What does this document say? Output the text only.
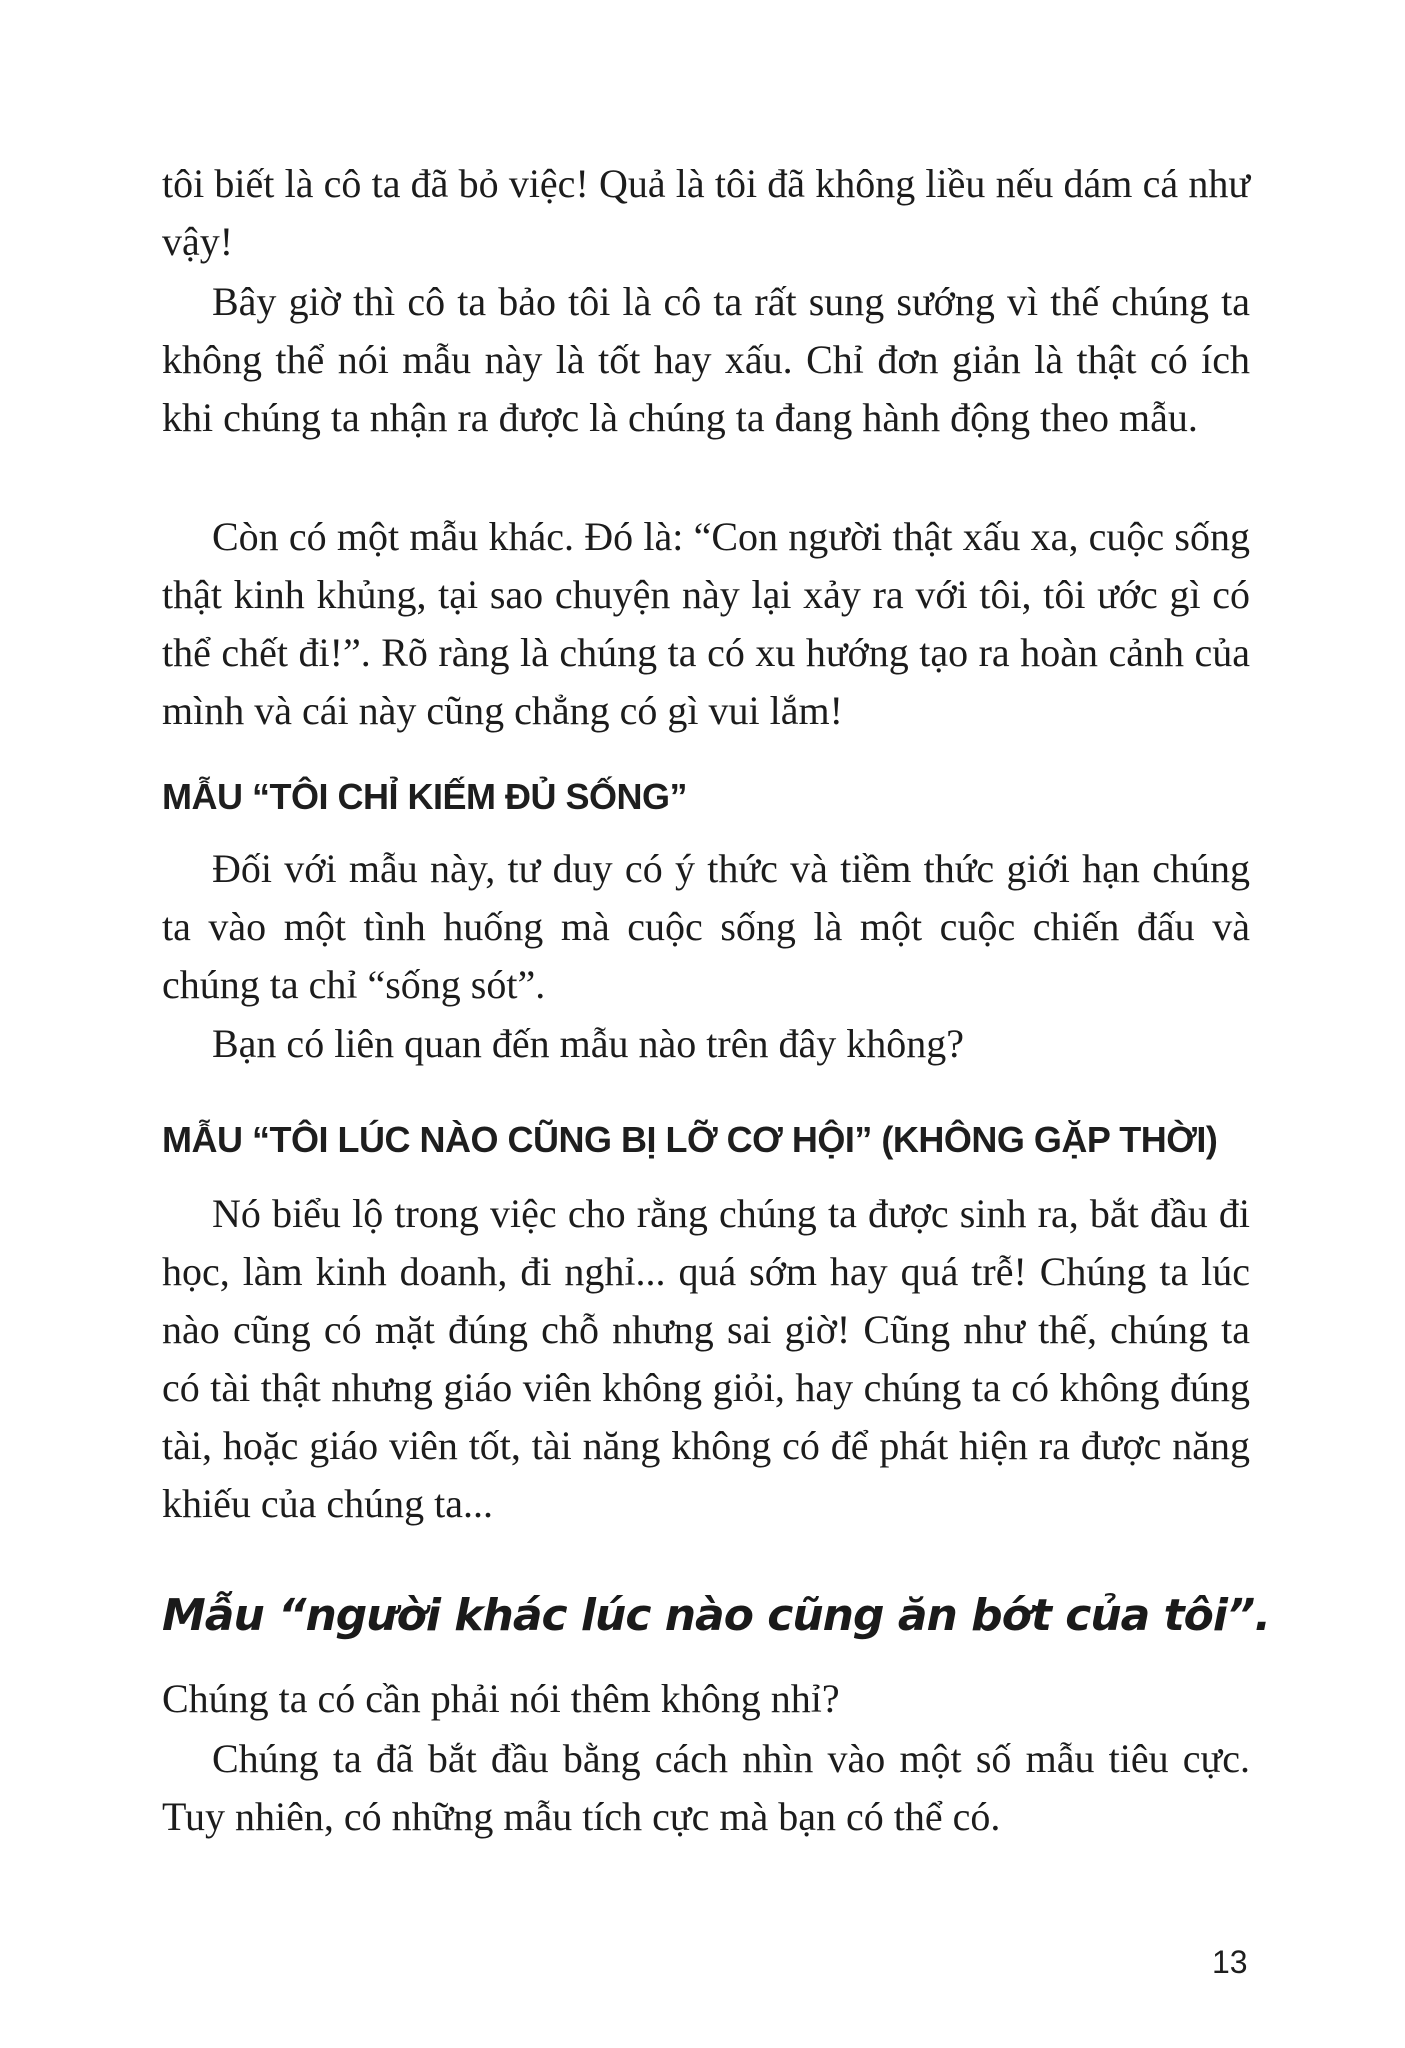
tôi biết là cô ta đã bỏ việc! Quả là tôi đã không liều nếu dám cá như vậy!

Bây giờ thì cô ta bảo tôi là cô ta rất sung sướng vì thế chúng ta không thể nói mẫu này là tốt hay xấu. Chỉ đơn giản là thật có ích khi chúng ta nhận ra được là chúng ta đang hành động theo mẫu.

Còn có một mẫu khác. Đó là: “Con người thật xấu xa, cuộc sống thật kinh khủng, tại sao chuyện này lại xảy ra với tôi, tôi ước gì có thể chết đi!”. Rõ ràng là chúng ta có xu hướng tạo ra hoàn cảnh của mình và cái này cũng chẳng có gì vui lắm!

MẪU “TÔI CHỈ KIẾM ĐỦ SỐNG”

Đối với mẫu này, tư duy có ý thức và tiềm thức giới hạn chúng ta vào một tình huống mà cuộc sống là một cuộc chiến đấu và chúng ta chỉ “sống sót”.

Bạn có liên quan đến mẫu nào trên đây không?

MẪU “TÔI LÚC NÀO CŨNG BỊ LỠ CƠ HỘI” (KHÔNG GẶP THỜI)

Nó biểu lộ trong việc cho rằng chúng ta được sinh ra, bắt đầu đi học, làm kinh doanh, đi nghỉ... quá sớm hay quá trễ! Chúng ta lúc nào cũng có mặt đúng chỗ nhưng sai giờ! Cũng như thế, chúng ta có tài thật nhưng giáo viên không giỏi, hay chúng ta có không đúng tài, hoặc giáo viên tốt, tài năng không có để phát hiện ra được năng khiếu của chúng ta...

Mẫu “người khác lúc nào cũng ăn bớt của tôi”.

Chúng ta có cần phải nói thêm không nhỉ?

Chúng ta đã bắt đầu bằng cách nhìn vào một số mẫu tiêu cực. Tuy nhiên, có những mẫu tích cực mà bạn có thể có.

13
